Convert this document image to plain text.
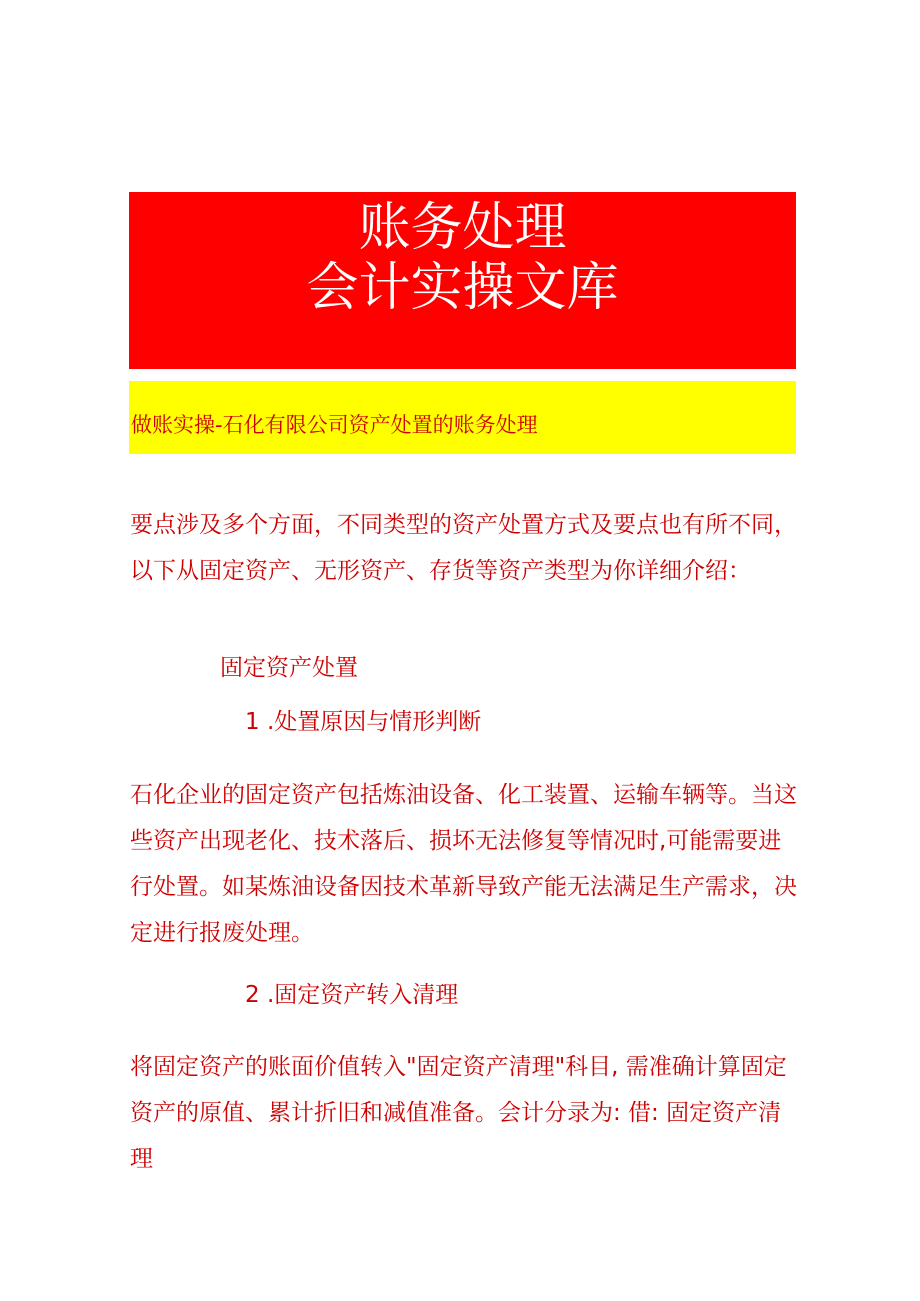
账务处理
会计实操文库
做账实操-石化有限公司资产处置的账务处理

要点涉及多个方面，不同类型的资产处置方式及要点也有所不同，以下从固定资产、无形资产、存货等资产类型为你详细介绍：

固定资产处置
1 .处置原因与情形判断

石化企业的固定资产包括炼油设备、化工装置、运输车辆等。当这些资产出现老化、技术落后、损坏无法修复等情况时,可能需要进行处置。如某炼油设备因技术革新导致产能无法满足生产需求，决定进行报废处理。

2 .固定资产转入清理

将固定资产的账面价值转入"固定资产清理"科目, 需准确计算固定资产的原值、累计折旧和减值准备。会计分录为: 借: 固定资产清理
